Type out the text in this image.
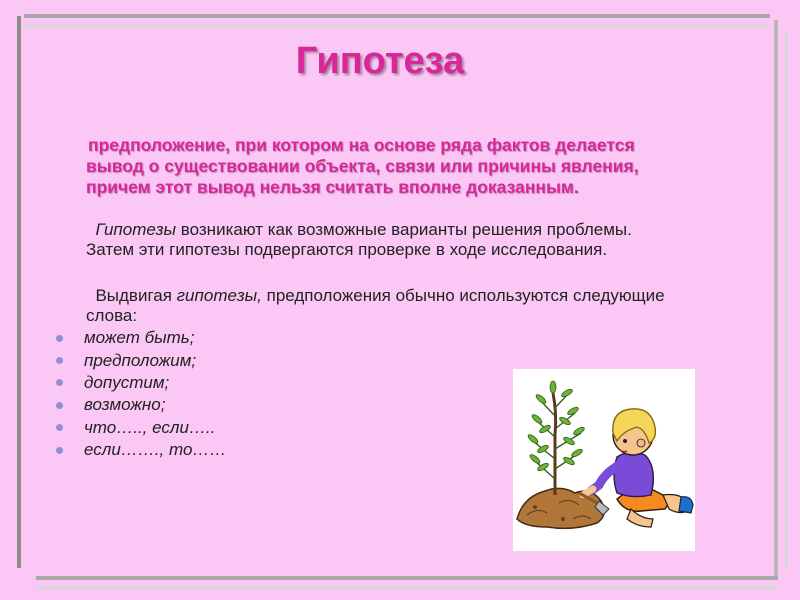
Гипотеза
предположение, при котором на основе ряда фактов делается
вывод о существовании объекта, связи или причины явления,
причем этот вывод нельзя считать вполне доказанным.
Гипотезы возникают как возможные варианты решения проблемы.
Затем эти гипотезы подвергаются проверке в ходе исследования.
Выдвигая гипотезы, предположения обычно используются следующие
слова:
может быть;
предположим;
допустим;
возможно;
что….., если…..
если……., то……
